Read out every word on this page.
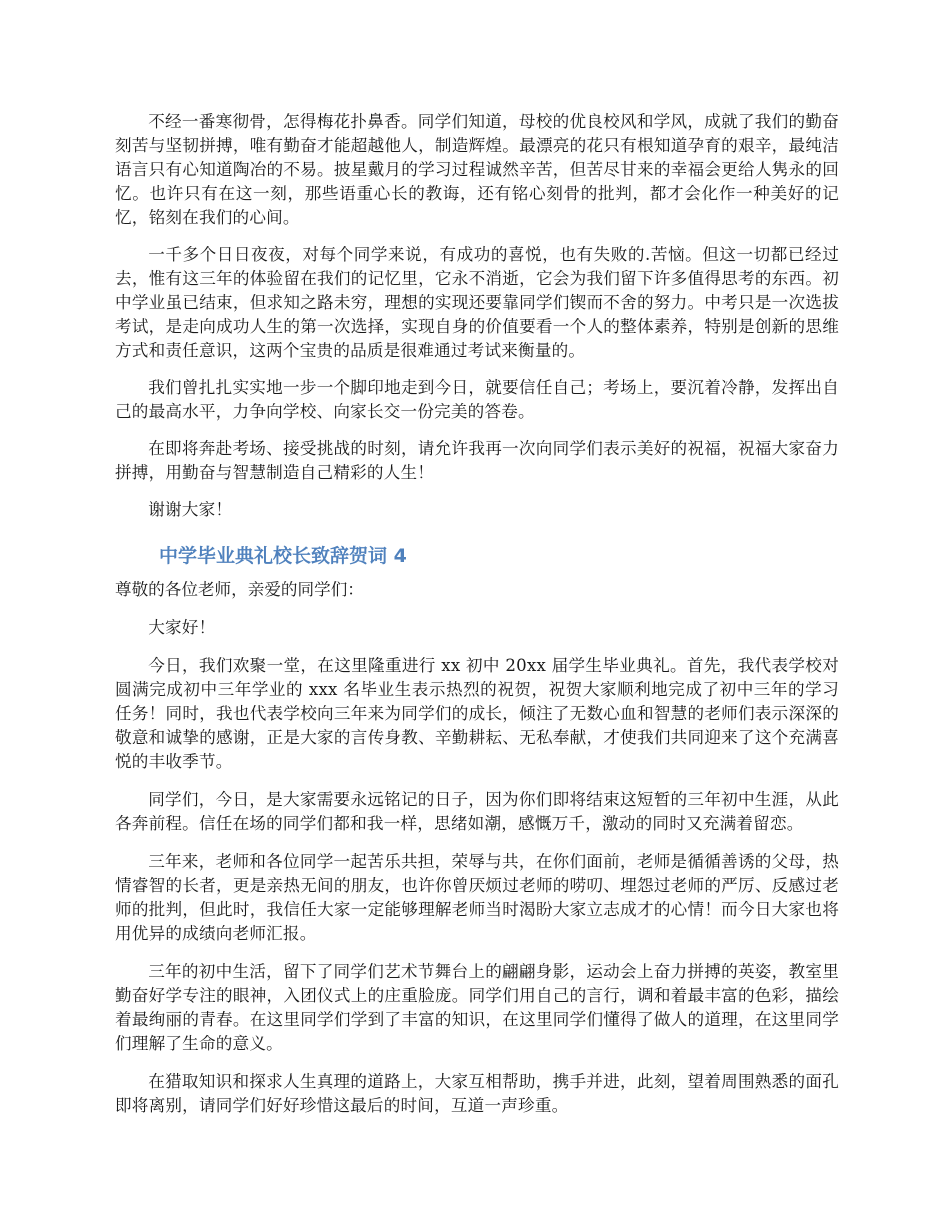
不经一番寒彻骨，怎得梅花扑鼻香。同学们知道，母校的优良校风和学风，成就了我们的勤奋刻苦与坚韧拼搏，唯有勤奋才能超越他人，制造辉煌。最漂亮的花只有根知道孕育的艰辛，最纯洁语言只有心知道陶冶的不易。披星戴月的学习过程诚然辛苦，但苦尽甘来的幸福会更给人隽永的回忆。也许只有在这一刻，那些语重心长的教诲，还有铭心刻骨的批判，都才会化作一种美好的记忆，铭刻在我们的心间。

一千多个日日夜夜，对每个同学来说，有成功的喜悦，也有失败的.苦恼。但这一切都已经过去，惟有这三年的体验留在我们的记忆里，它永不消逝，它会为我们留下许多值得思考的东西。初中学业虽已结束，但求知之路未穷，理想的实现还要靠同学们锲而不舍的努力。中考只是一次选拔考试，是走向成功人生的第一次选择，实现自身的价值要看一个人的整体素养，特别是创新的思维方式和责任意识，这两个宝贵的品质是很难通过考试来衡量的。

我们曾扎扎实实地一步一个脚印地走到今日，就要信任自己；考场上，要沉着冷静，发挥出自己的最高水平，力争向学校、向家长交一份完美的答卷。

在即将奔赴考场、接受挑战的时刻，请允许我再一次向同学们表示美好的祝福，祝福大家奋力拼搏，用勤奋与智慧制造自己精彩的人生！

谢谢大家！

中学毕业典礼校长致辞贺词 4

尊敬的各位老师，亲爱的同学们：

大家好！

今日，我们欢聚一堂，在这里隆重进行 xx 初中 20xx 届学生毕业典礼。首先，我代表学校对圆满完成初中三年学业的 xxx 名毕业生表示热烈的祝贺，祝贺大家顺利地完成了初中三年的学习任务！同时，我也代表学校向三年来为同学们的成长，倾注了无数心血和智慧的老师们表示深深的敬意和诚挚的感谢，正是大家的言传身教、辛勤耕耘、无私奉献，才使我们共同迎来了这个充满喜悦的丰收季节。

同学们，今日，是大家需要永远铭记的日子，因为你们即将结束这短暂的三年初中生涯，从此各奔前程。信任在场的同学们都和我一样，思绪如潮，感慨万千，激动的同时又充满着留恋。

三年来，老师和各位同学一起苦乐共担，荣辱与共，在你们面前，老师是循循善诱的父母，热情睿智的长者，更是亲热无间的朋友，也许你曾厌烦过老师的唠叨、埋怨过老师的严厉、反感过老师的批判，但此时，我信任大家一定能够理解老师当时渴盼大家立志成才的心情！而今日大家也将用优异的成绩向老师汇报。

三年的初中生活，留下了同学们艺术节舞台上的翩翩身影，运动会上奋力拼搏的英姿，教室里勤奋好学专注的眼神，入团仪式上的庄重脸庞。同学们用自己的言行，调和着最丰富的色彩，描绘着最绚丽的青春。在这里同学们学到了丰富的知识，在这里同学们懂得了做人的道理，在这里同学们理解了生命的意义。

在猎取知识和探求人生真理的道路上，大家互相帮助，携手并进，此刻，望着周围熟悉的面孔即将离别，请同学们好好珍惜这最后的时间，互道一声珍重。
